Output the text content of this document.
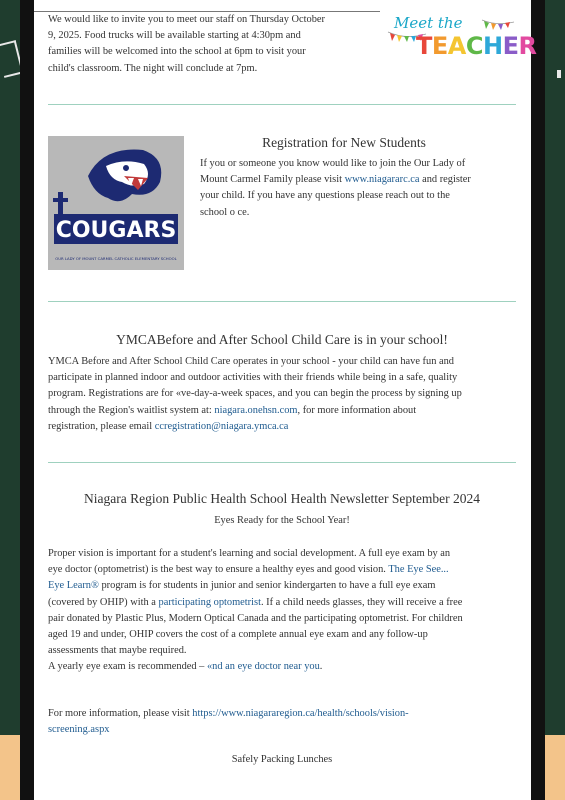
We would like to invite you to meet our staff on Thursday October
9, 2025. Food trucks will be available starting at 4:30pm and
families will be welcomed into the school at 6pm to visit your
child's classroom. The night will conclude at 7pm.
Meet the
TEACHER
COUGARS
OUR LADY OF MOUNT CARMEL CATHOLIC ELEMENTARY SCHOOL
Registration for New Students
If you or someone you know would like to join the Our Lady of
Mount Carmel Family please visit www.niagararc.ca and register
your child. If you have any questions please reach out to the
school o ce.
YMCABefore and After School Child Care is in your school!
YMCA Before and After School Child Care operates in your school - your child can have fun and
participate in planned indoor and outdoor activities with their friends while being in a safe, quality
program. Registrations are for «ve-day-a-week spaces, and you can begin the process by signing up
through the Region's waitlist system at: niagara.onehsn.com, for more information about
registration, please email ccregistration@niagara.ymca.ca
Niagara Region Public Health School Health Newsletter September 2024
Eyes Ready for the School Year!
Proper vision is important for a student's learning and social development. A full eye exam by an
eye doctor (optometrist) is the best way to ensure a healthy eyes and good vision. The Eye See...
Eye Learn® program is for students in junior and senior kindergarten to have a full eye exam
(covered by OHIP) with a participating optometrist. If a child needs glasses, they will receive a free
pair donated by Plastic Plus, Modern Optical Canada and the participating optometrist. For children
aged 19 and under, OHIP covers the cost of a complete annual eye exam and any follow-up
assessments that maybe required.
A yearly eye exam is recommended – «nd an eye doctor near you.
For more information, please visit https://www.niagararegion.ca/health/schools/vision-
screening.aspx
Safely Packing Lunches
